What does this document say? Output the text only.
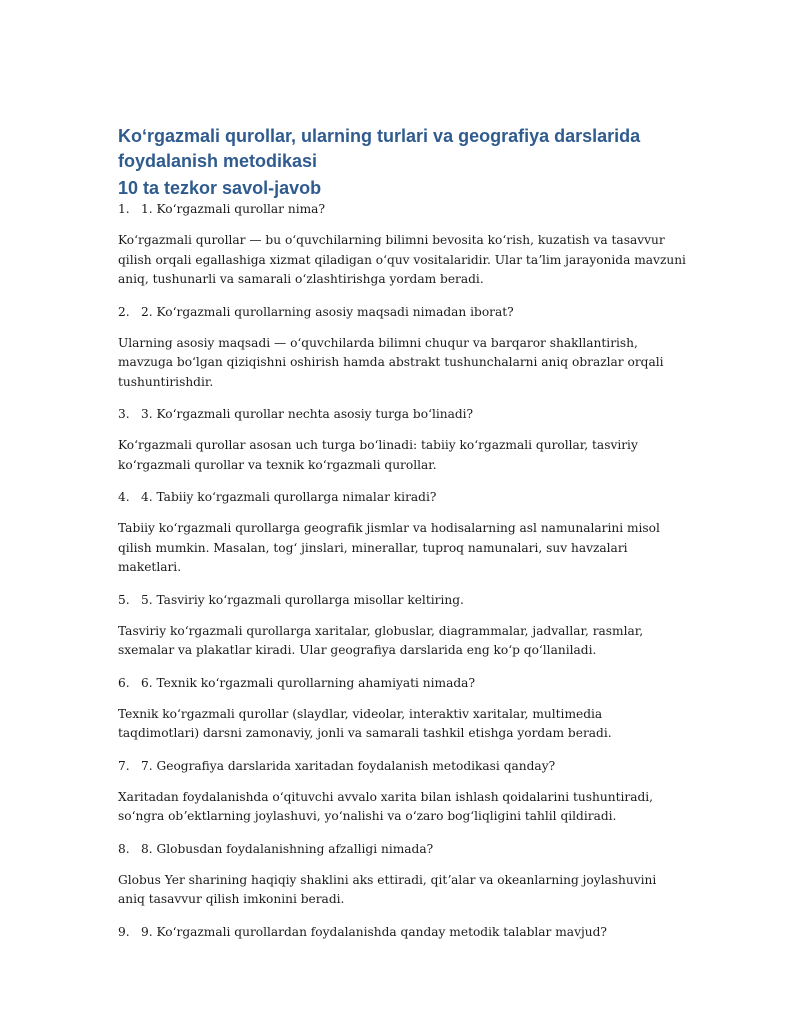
Koʻrgazmali qurollar, ularning turlari va geografiya darslarida foydalanish metodikasi
10 ta tezkor savol-javob
1. 1. Koʻrgazmali qurollar nima?

Koʻrgazmali qurollar — bu oʻquvchilarning bilimni bevosita koʻrish, kuzatish va tasavvur qilish orqali egallashiga xizmat qiladigan oʻquv vositalaridir. Ular taʼlim jarayonida mavzuni aniq, tushunarli va samarali oʻzlashtirishga yordam beradi.

2. 2. Koʻrgazmali qurollarning asosiy maqsadi nimadan iborat?

Ularning asosiy maqsadi — oʻquvchilarda bilimni chuqur va barqaror shakllantirish, mavzuga boʻlgan qiziqishni oshirish hamda abstrakt tushunchalarni aniq obrazlar orqali tushuntirishdir.

3. 3. Koʻrgazmali qurollar nechta asosiy turga boʻlinadi?

Koʻrgazmali qurollar asosan uch turga boʻlinadi: tabiiy koʻrgazmali qurollar, tasviriy koʻrgazmali qurollar va texnik koʻrgazmali qurollar.

4. 4. Tabiiy koʻrgazmali qurollarga nimalar kiradi?

Tabiiy koʻrgazmali qurollarga geografik jismlar va hodisalarning asl namunalarini misol qilish mumkin. Masalan, togʻ jinslari, minerallar, tuproq namunalari, suv havzalari maketlari.

5. 5. Tasviriy koʻrgazmali qurollarga misollar keltiring.

Tasviriy koʻrgazmali qurollarga xaritalar, globuslar, diagrammalar, jadvallar, rasmlar, sxemalar va plakatlar kiradi. Ular geografiya darslarida eng koʻp qoʻllaniladi.

6. 6. Texnik koʻrgazmali qurollarning ahamiyati nimada?

Texnik koʻrgazmali qurollar (slaydlar, videolar, interaktiv xaritalar, multimedia taqdimotlari) darsni zamonaviy, jonli va samarali tashkil etishga yordam beradi.

7. 7. Geografiya darslarida xaritadan foydalanish metodikasi qanday?

Xaritadan foydalanishda oʻqituvchi avvalo xarita bilan ishlash qoidalarini tushuntiradi, soʻngra obʼektlarning joylashuvi, yoʻnalishi va oʻzaro bogʻliqligini tahlil qildiradi.

8. 8. Globusdan foydalanishning afzalligi nimada?

Globus Yer sharining haqiqiy shaklini aks ettiradi, qitʼalar va okeanlarning joylashuvini aniq tasavvur qilish imkonini beradi.

9. 9. Koʻrgazmali qurollardan foydalanishda qanday metodik talablar mavjud?
